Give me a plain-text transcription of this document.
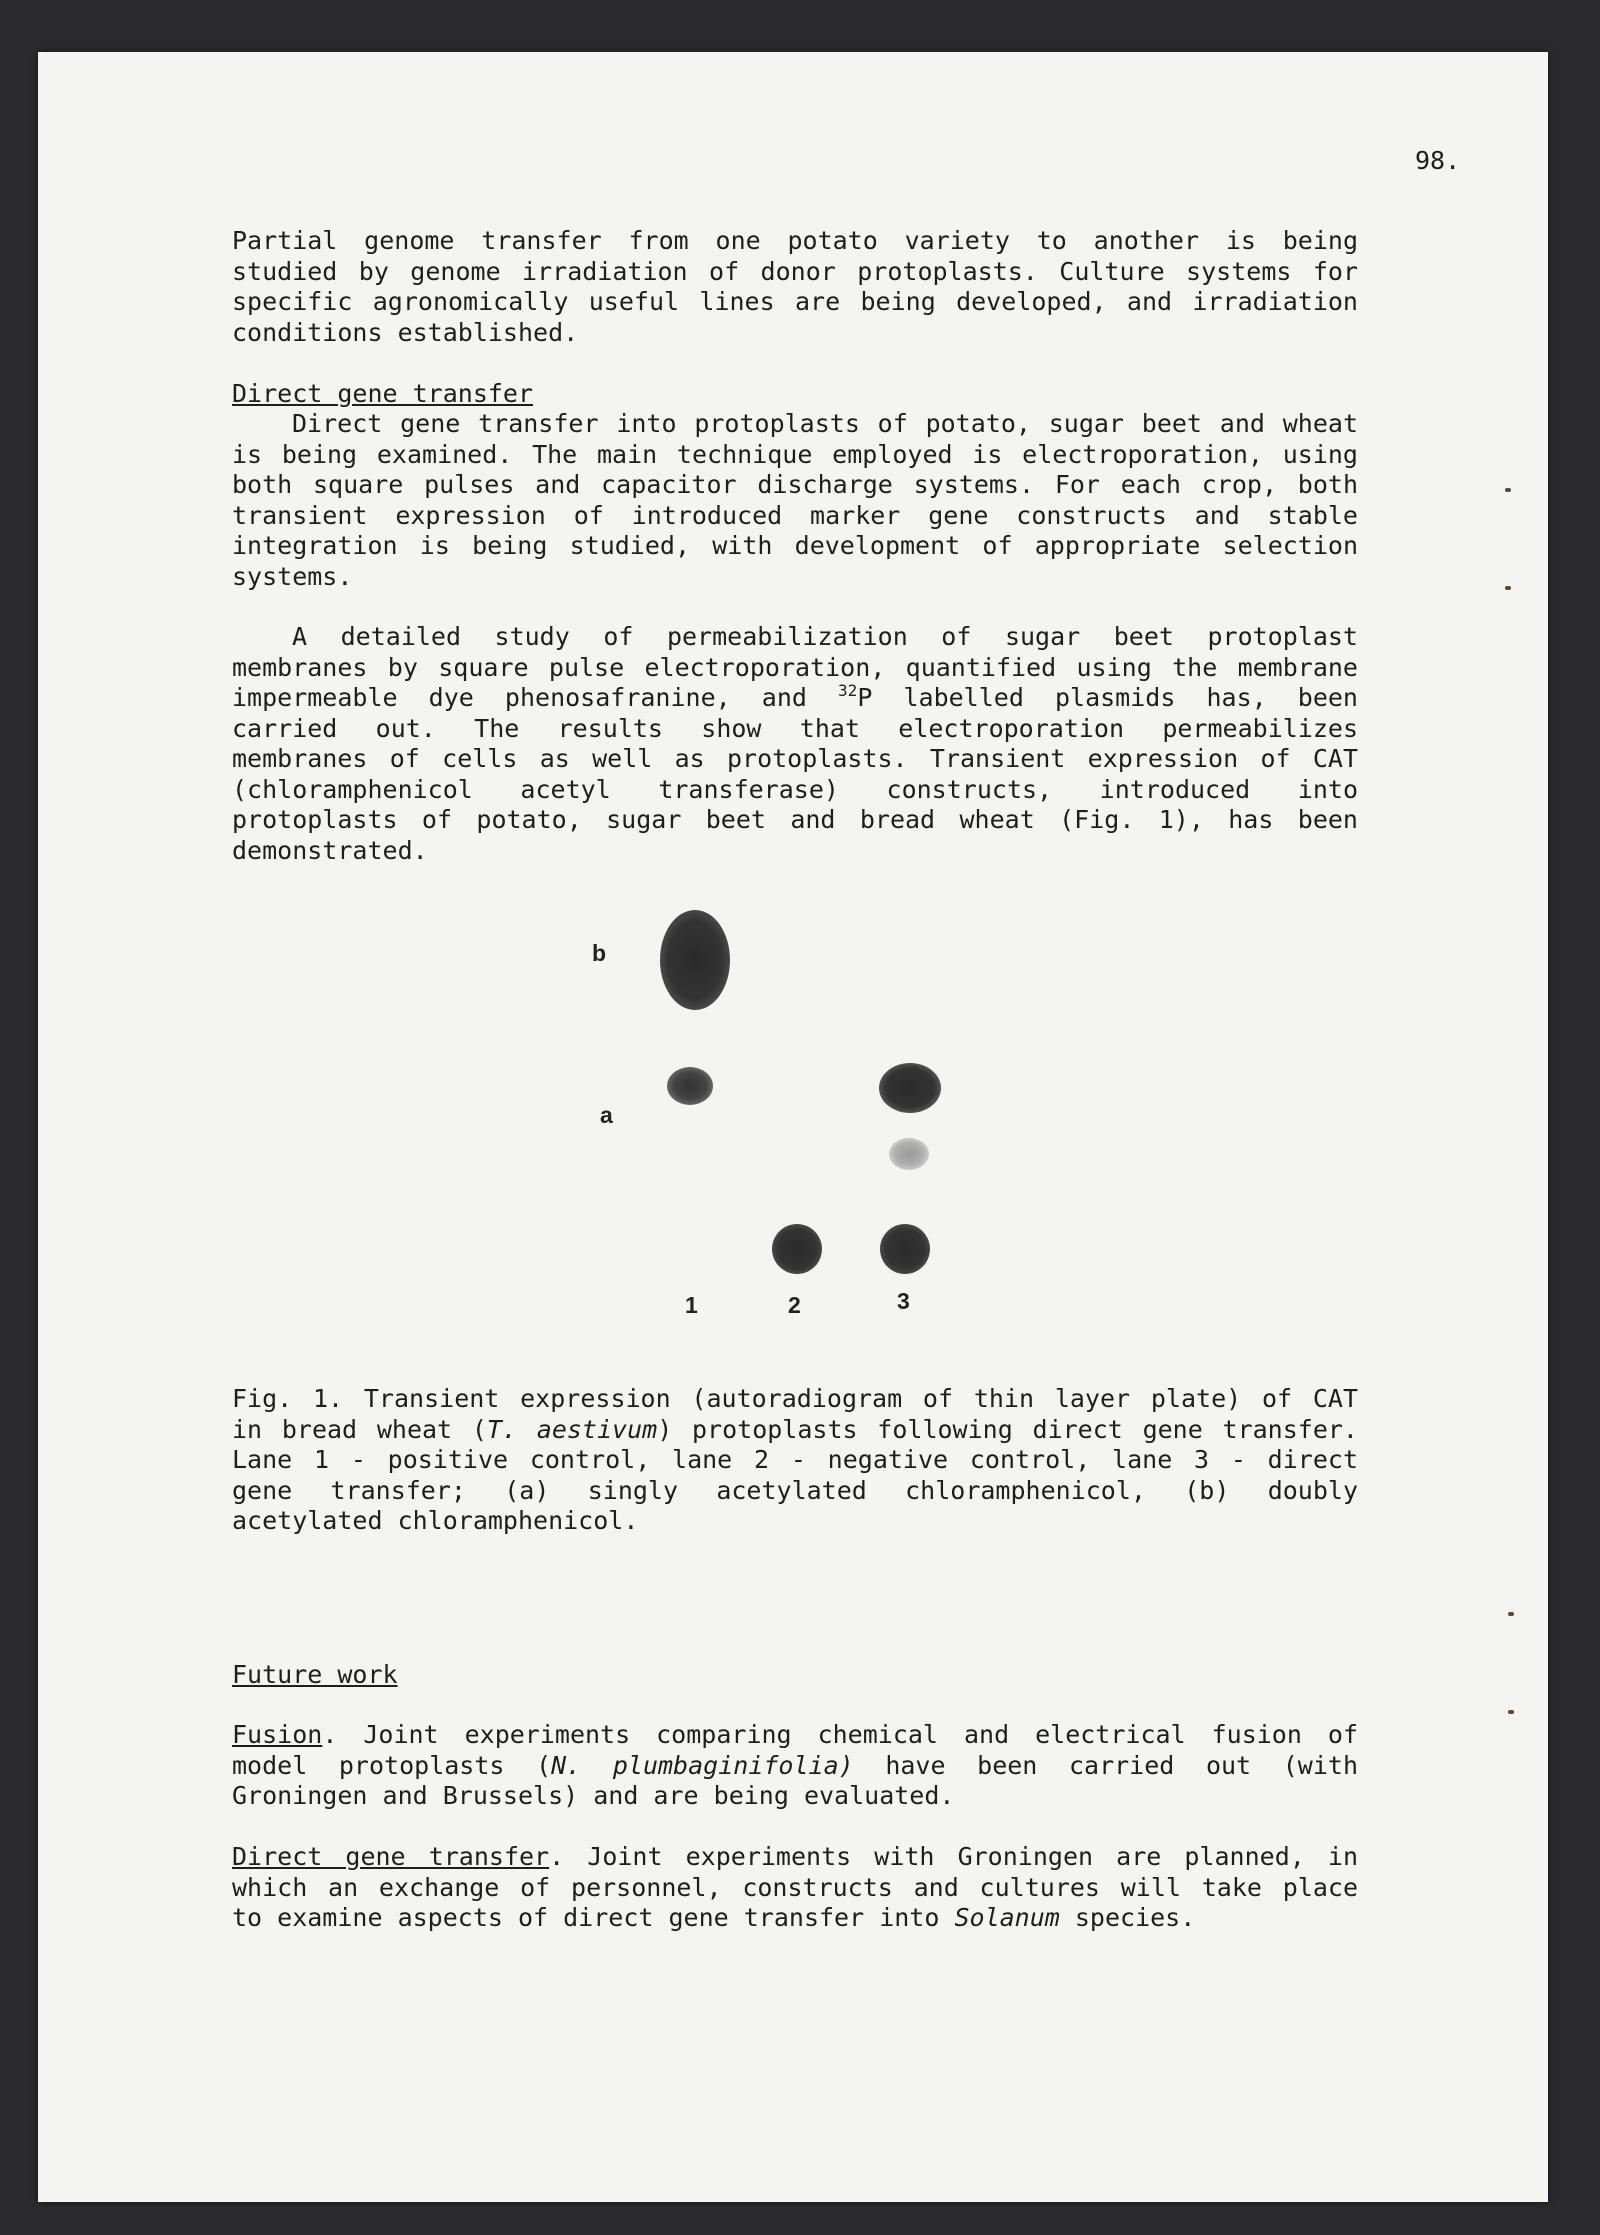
98.
Partial genome transfer from one potato variety to another is being
studied by genome irradiation of donor protoplasts. Culture systems for
specific agronomically useful lines are being developed, and irradiation
conditions established.
Direct gene transfer
Direct gene transfer into protoplasts of potato, sugar beet and wheat
is being examined. The main technique employed is electroporation, using
both square pulses and capacitor discharge systems. For each crop, both
transient expression of introduced marker gene constructs and stable
integration is being studied, with development of appropriate selection
systems.
A detailed study of permeabilization of sugar beet protoplast
membranes by square pulse electroporation, quantified using the membrane
impermeable dye phenosafranine, and $^{32}$P labelled plasmids has, been
carried out. The results show that electroporation permeabilizes
membranes of cells as well as protoplasts. Transient expression of CAT
(chloramphenicol acetyl transferase) constructs, introduced into
protoplasts of potato, sugar beet and bread wheat (Fig. 1), has been
demonstrated.
b
a
1	2	3
Fig. 1. Transient expression (autoradiogram of thin layer plate) of CAT
in bread wheat (T. aestivum) protoplasts following direct gene transfer.
Lane 1 - positive control, lane 2 - negative control, lane 3 - direct
gene transfer; (a) singly acetylated chloramphenicol, (b) doubly
acetylated chloramphenicol.
Future work
Fusion. Joint experiments comparing chemical and electrical fusion of
model protoplasts (N. plumbaginifolia) have been carried out (with
Groningen and Brussels) and are being evaluated.
Direct gene transfer. Joint experiments with Groningen are planned, in
which an exchange of personnel, constructs and cultures will take place
to examine aspects of direct gene transfer into Solanum species.
